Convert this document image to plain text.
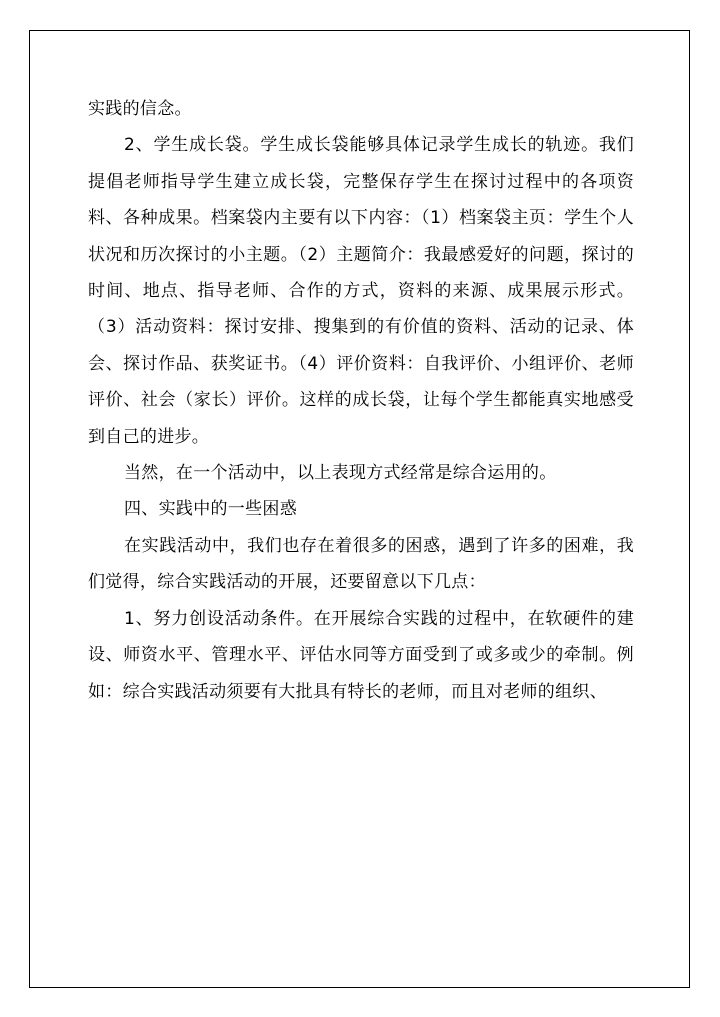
实践的信念。

2、学生成长袋。学生成长袋能够具体记录学生成长的轨迹。我们提倡老师指导学生建立成长袋，完整保存学生在探讨过程中的各项资料、各种成果。档案袋内主要有以下内容：（1）档案袋主页：学生个人状况和历次探讨的小主题。（2）主题简介：我最感爱好的问题，探讨的时间、地点、指导老师、合作的方式，资料的来源、成果展示形式。（3）活动资料：探讨安排、搜集到的有价值的资料、活动的记录、体会、探讨作品、获奖证书。（4）评价资料：自我评价、小组评价、老师评价、社会（家长）评价。这样的成长袋，让每个学生都能真实地感受到自己的进步。

当然，在一个活动中，以上表现方式经常是综合运用的。

四、实践中的一些困惑

在实践活动中，我们也存在着很多的困惑，遇到了许多的困难，我们觉得，综合实践活动的开展，还要留意以下几点：

1、努力创设活动条件。在开展综合实践的过程中，在软硬件的建设、师资水平、管理水平、评估水同等方面受到了或多或少的牵制。例如：综合实践活动须要有大批具有特长的老师，而且对老师的组织、
